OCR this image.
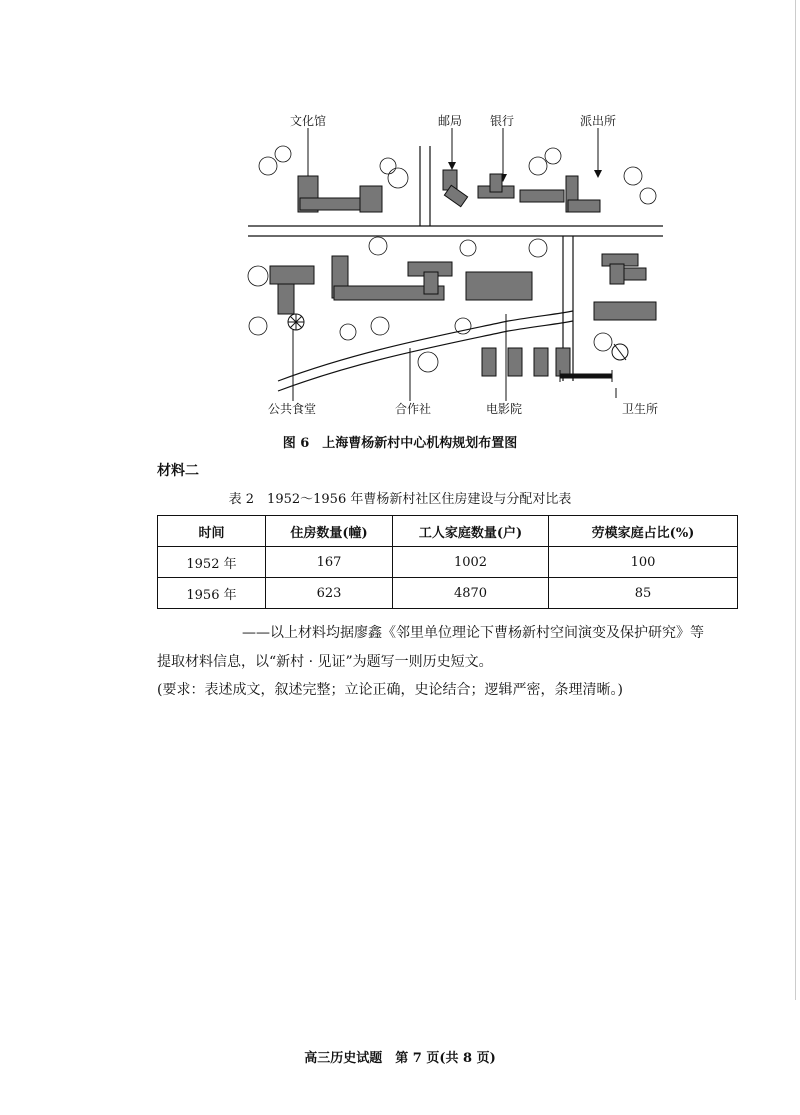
文化馆	邮局 银行	派出所
公共食堂	合作社	电影院	卫生所
图 6　上海曹杨新村中心机构规划布置图
材料二
表 2　1952～1956 年曹杨新村社区住房建设与分配对比表
时间	住房数量(幢)	工人家庭数量(户)	劳模家庭占比(%)
1952 年	167	1002	100
1956 年	623	4870	85
——以上材料均据廖鑫《邻里单位理论下曹杨新村空间演变及保护研究》等
提取材料信息，以“新村 · 见证”为题写一则历史短文。
(要求：表述成文，叙述完整；立论正确，史论结合；逻辑严密，条理清晰。)
高三历史试题　第 7 页(共 8 页)
